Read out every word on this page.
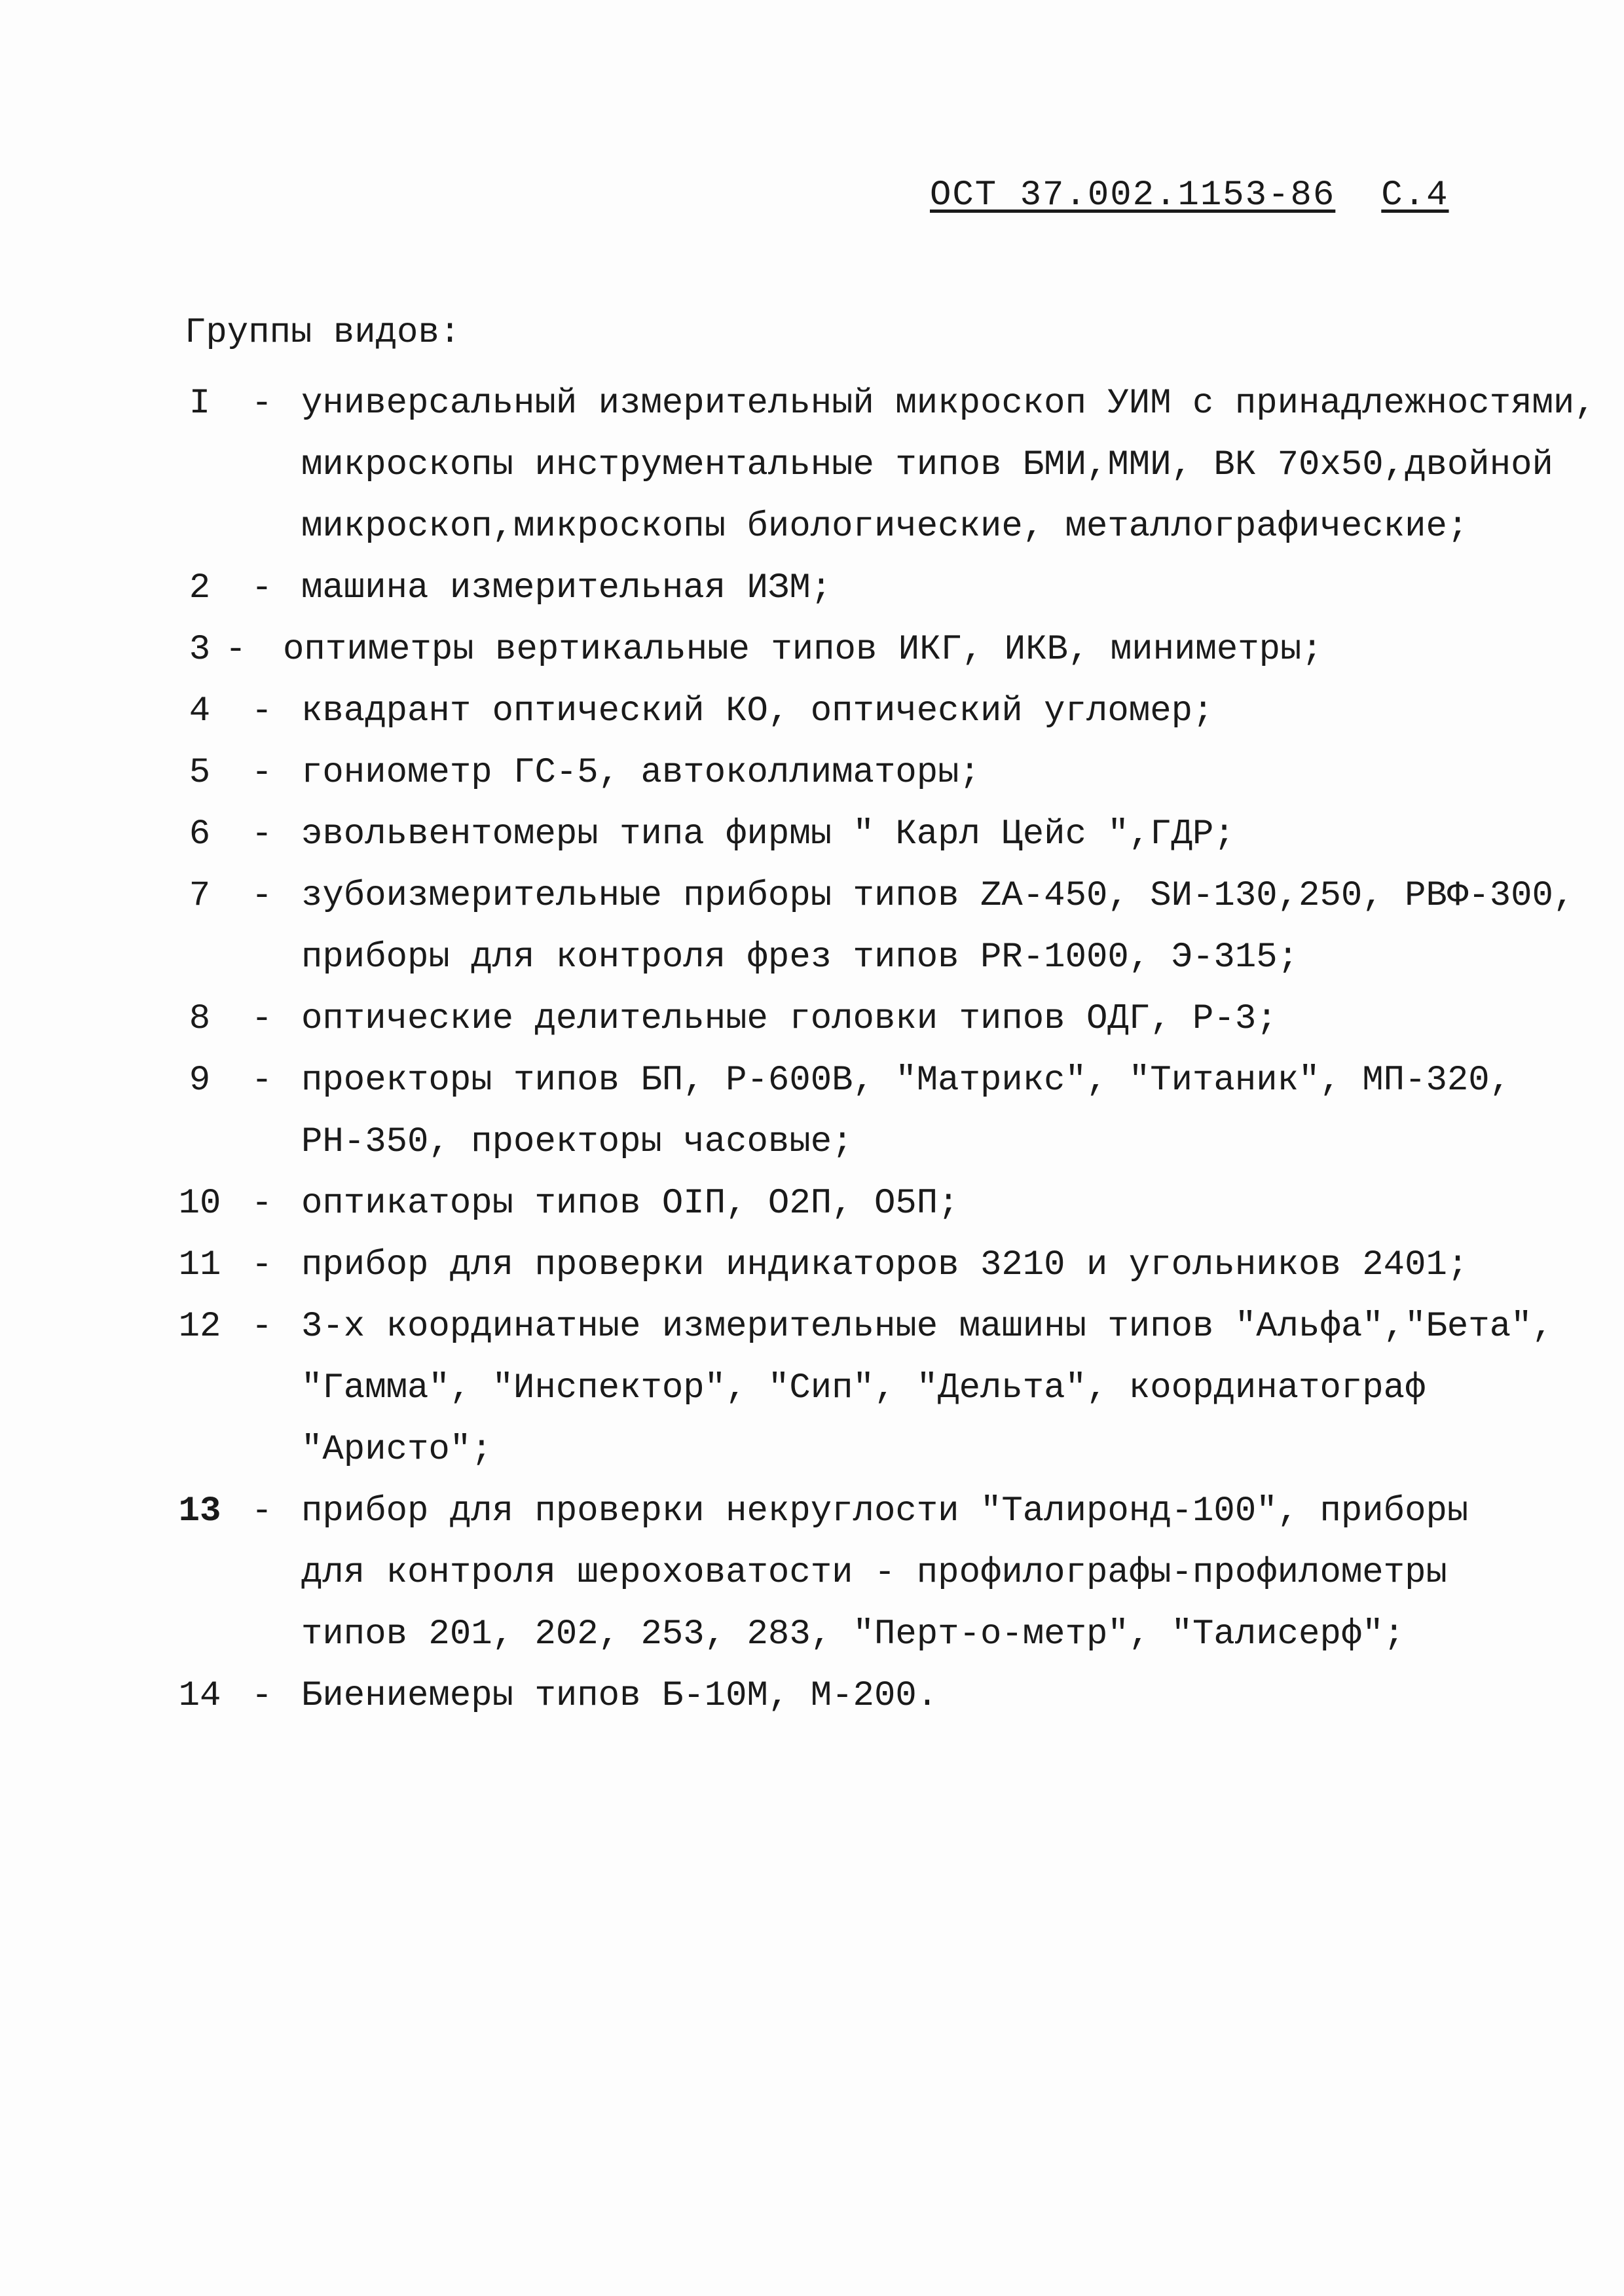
ОСТ 37.002.1153-86 С.4
Группы видов:
I	- универсальный измерительный микроскоп УИМ с принадлежностями,
микроскопы инструментальные типов БМИ,ММИ, ВК 70х50,двойной
микроскоп,микроскопы биологические, металлографические;
2	- машина измерительная ИЗМ;
3 - оптиметры вертикальные типов ИКГ, ИКВ, миниметры;
4	- квадрант оптический КО, оптический угломер;
5	- гониометр ГС-5, автоколлиматоры;
6	- эвольвентомеры типа фирмы " Карл Цейс ",ГДР;
7	- зубоизмерительные приборы типов ZA-450, SИ-130,250, РВФ-300,
приборы для контроля фрез типов PR-1000, Э-315;
8	- оптические делительные головки типов ОДГ, Р-3;
9	- проекторы типов БП, Р-600В, "Матрикс", "Титаник", МП-320,
РН-350, проекторы часовые;
10 - оптикаторы типов ОIП, О2П, О5П;
11 - прибор для проверки индикаторов 3210 и угольников 2401;
12 - 3-х координатные измерительные машины типов "Альфа","Бета",
"Гамма", "Инспектор", "Сип", "Дельта", координатограф
"Аристо";
13 - прибор для проверки некруглости "Талиронд-100", приборы
для контроля шероховатости - профилографы-профилометры
типов 201, 202, 253, 283, "Перт-о-метр", "Талисерф";
14 - Биениемеры типов Б-10М, М-200.
